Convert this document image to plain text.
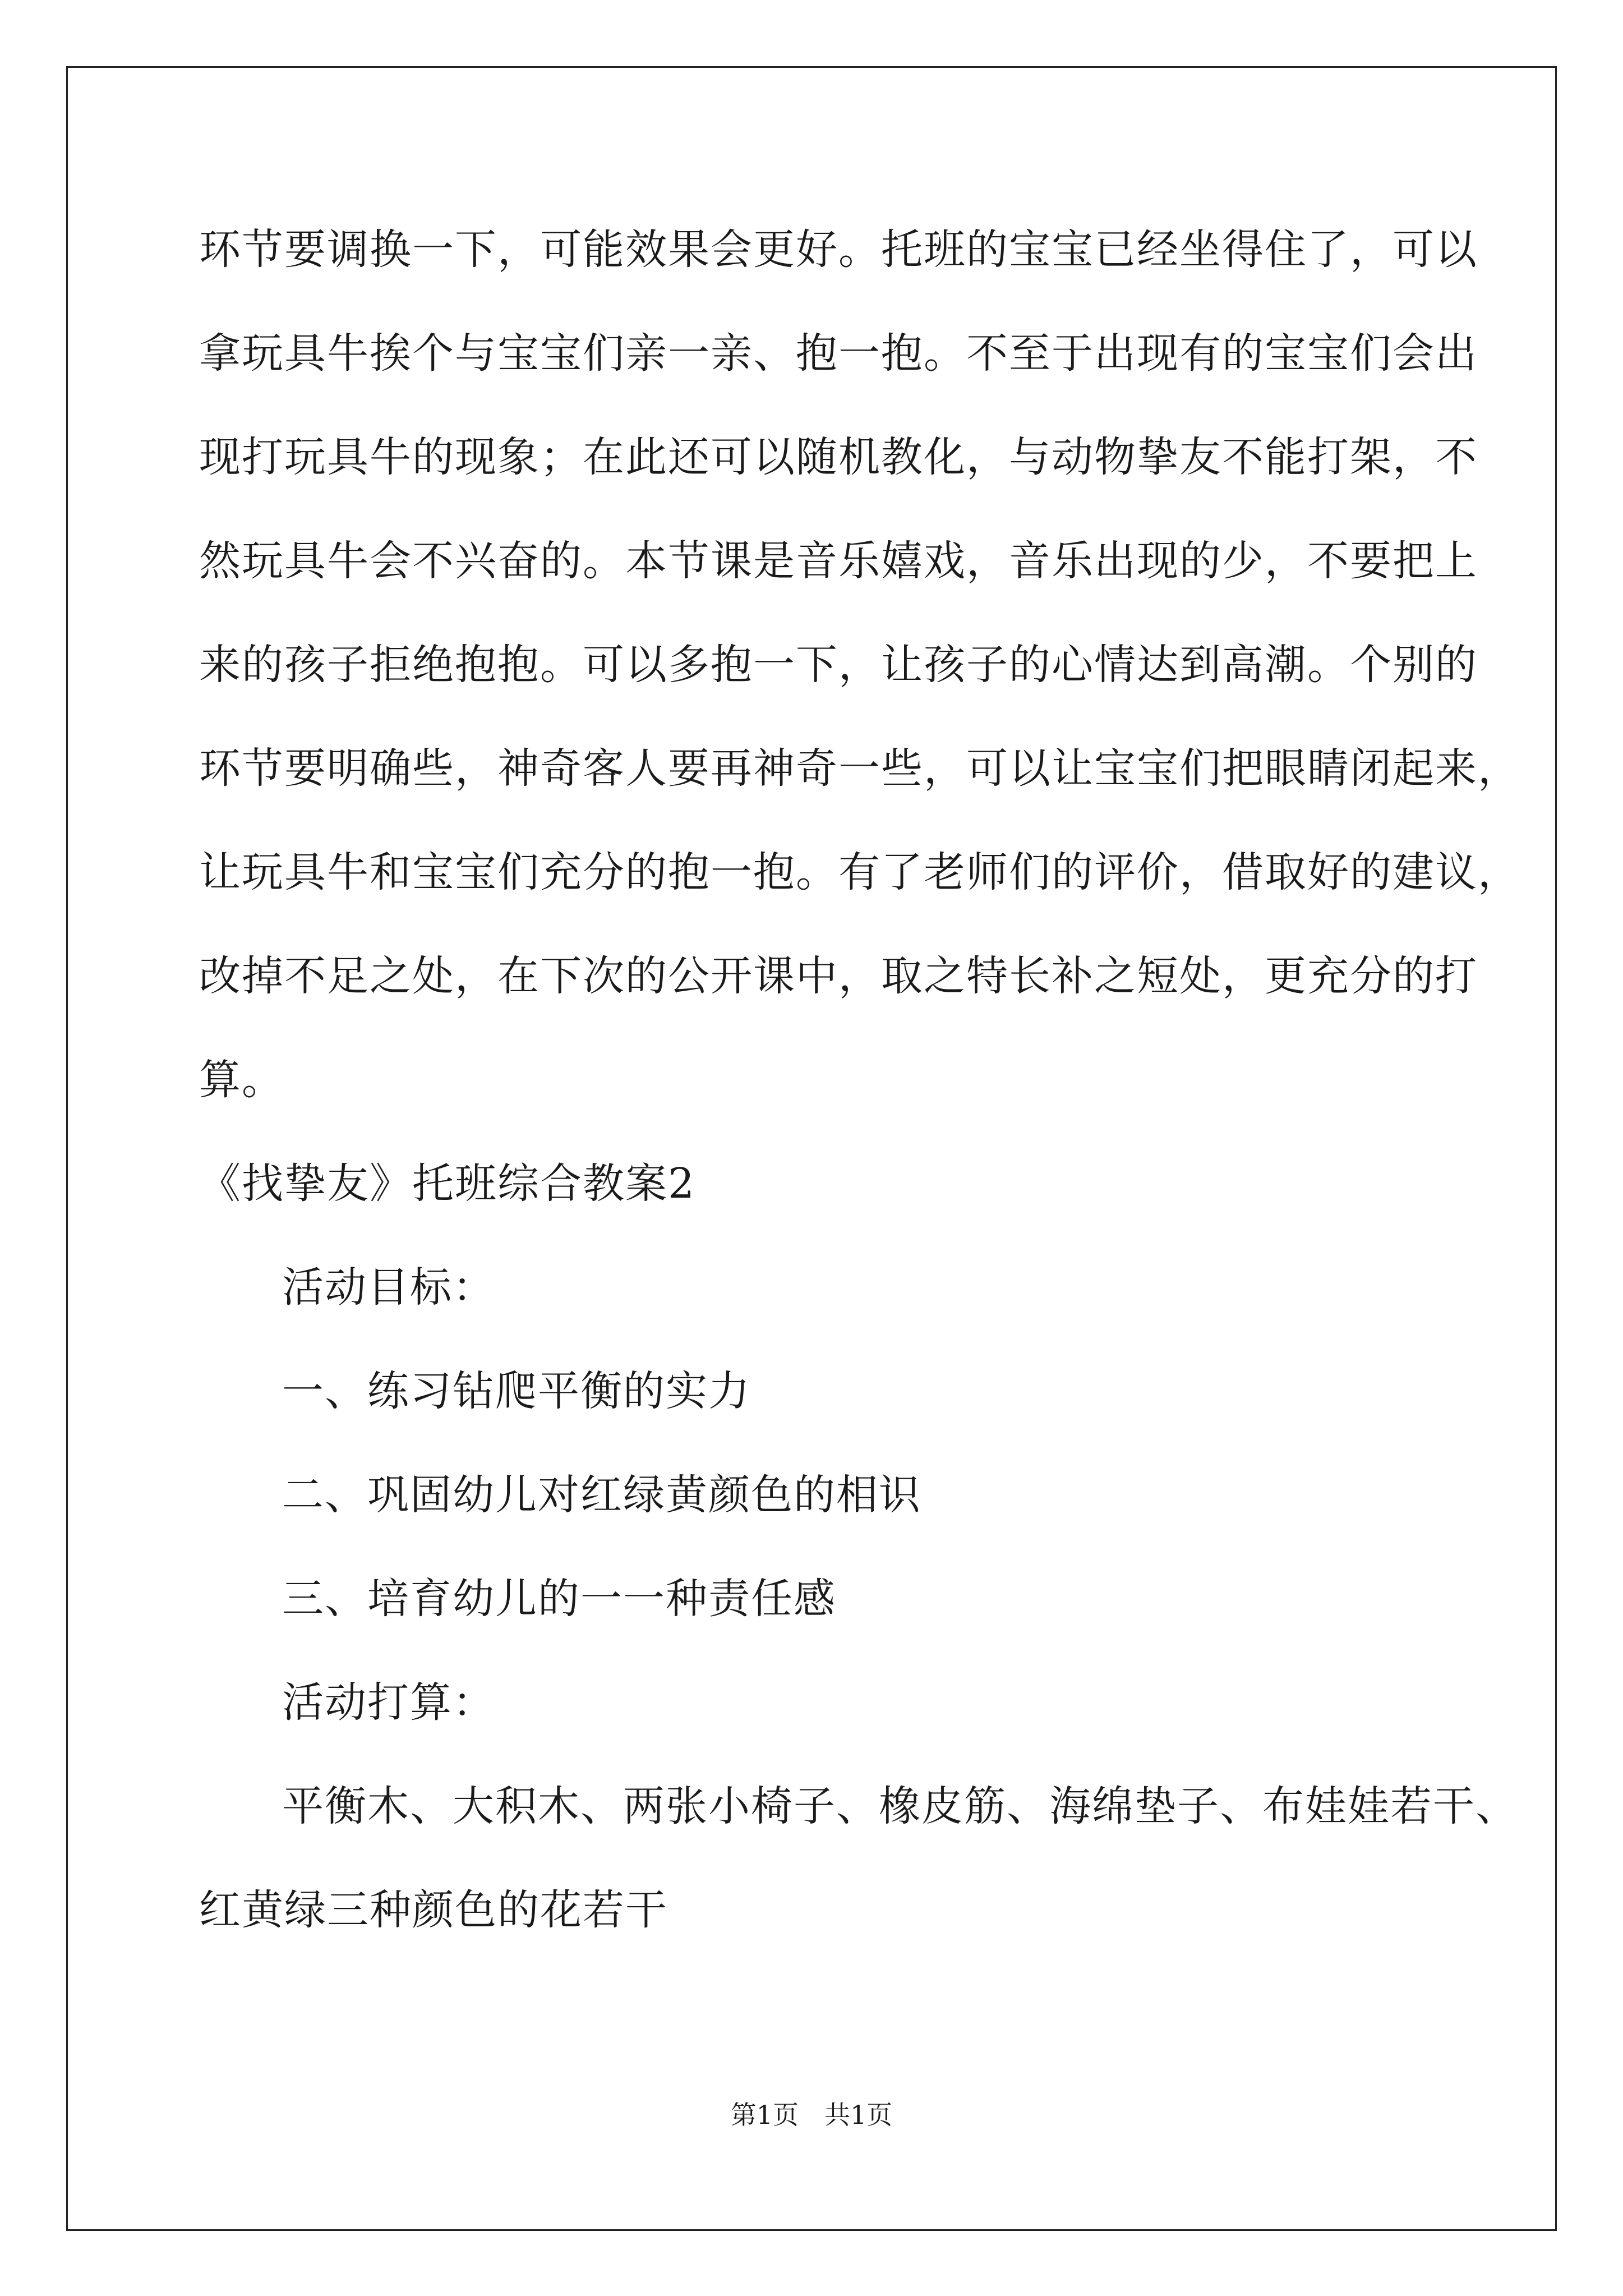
环节要调换一下，可能效果会更好。托班的宝宝已经坐得住了，可以
拿玩具牛挨个与宝宝们亲一亲、抱一抱。不至于出现有的宝宝们会出
现打玩具牛的现象；在此还可以随机教化，与动物挚友不能打架，不
然玩具牛会不兴奋的。本节课是音乐嬉戏，音乐出现的少，不要把上
来的孩子拒绝抱抱。可以多抱一下，让孩子的心情达到高潮。个别的
环节要明确些，神奇客人要再神奇一些，可以让宝宝们把眼睛闭起来，
让玩具牛和宝宝们充分的抱一抱。有了老师们的评价，借取好的建议，
改掉不足之处，在下次的公开课中，取之特长补之短处，更充分的打
算。
《找挚友》托班综合教案2
活动目标：
一、练习钻爬平衡的实力
二、巩固幼儿对红绿黄颜色的相识
三、培育幼儿的一一种责任感
活动打算：
平衡木、大积木、两张小椅子、橡皮筋、海绵垫子、布娃娃若干、
红黄绿三种颜色的花若干
第1页　共1页
